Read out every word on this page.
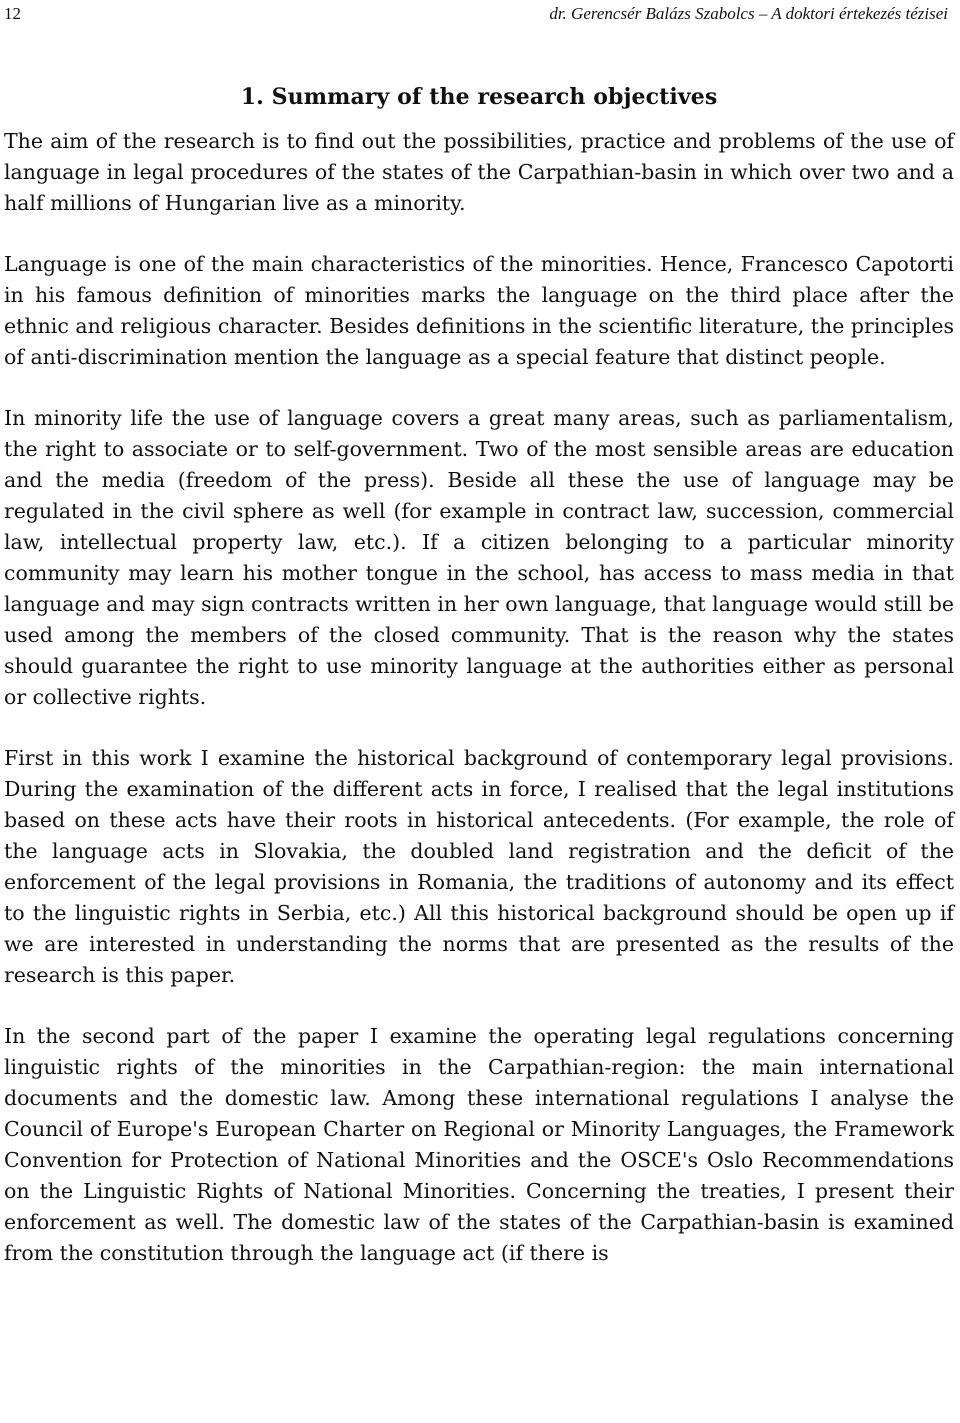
12	dr. Gerencsér Balázs Szabolcs – A doktori értekezés tézisei
1. Summary of the research objectives

The aim of the research is to find out the possibilities, practice and problems of the use of language in legal procedures of the states of the Carpathian-basin in which over two and a half millions of Hungarian live as a minority.

Language is one of the main characteristics of the minorities. Hence, Francesco Capotorti in his famous definition of minorities marks the language on the third place after the ethnic and religious character. Besides definitions in the scientific literature, the principles of anti-discrimination mention the language as a special feature that distinct people.

In minority life the use of language covers a great many areas, such as parliamentalism, the right to associate or to self-government. Two of the most sensible areas are education and the media (freedom of the press). Beside all these the use of language may be regulated in the civil sphere as well (for example in contract law, succession, commercial law, intellectual property law, etc.). If a citizen belonging to a particular minority community may learn his mother tongue in the school, has access to mass media in that language and may sign contracts written in her own language, that language would still be used among the members of the closed community. That is the reason why the states should guarantee the right to use minority language at the authorities either as personal or collective rights.

First in this work I examine the historical background of contemporary legal provisions. During the examination of the different acts in force, I realised that the legal institutions based on these acts have their roots in historical antecedents. (For example, the role of the language acts in Slovakia, the doubled land registration and the deficit of the enforcement of the legal provisions in Romania, the traditions of autonomy and its effect to the linguistic rights in Serbia, etc.) All this historical background should be open up if we are interested in understanding the norms that are presented as the results of the research is this paper.

In the second part of the paper I examine the operating legal regulations concerning linguistic rights of the minorities in the Carpathian-region: the main international documents and the domestic law. Among these international regulations I analyse the Council of Europe's European Charter on Regional or Minority Languages, the Framework Convention for Protection of National Minorities and the OSCE's Oslo Recommendations on the Linguistic Rights of National Minorities. Concerning the treaties, I present their enforcement as well. The domestic law of the states of the Carpathian-basin is examined from the constitution through the language act (if there is
